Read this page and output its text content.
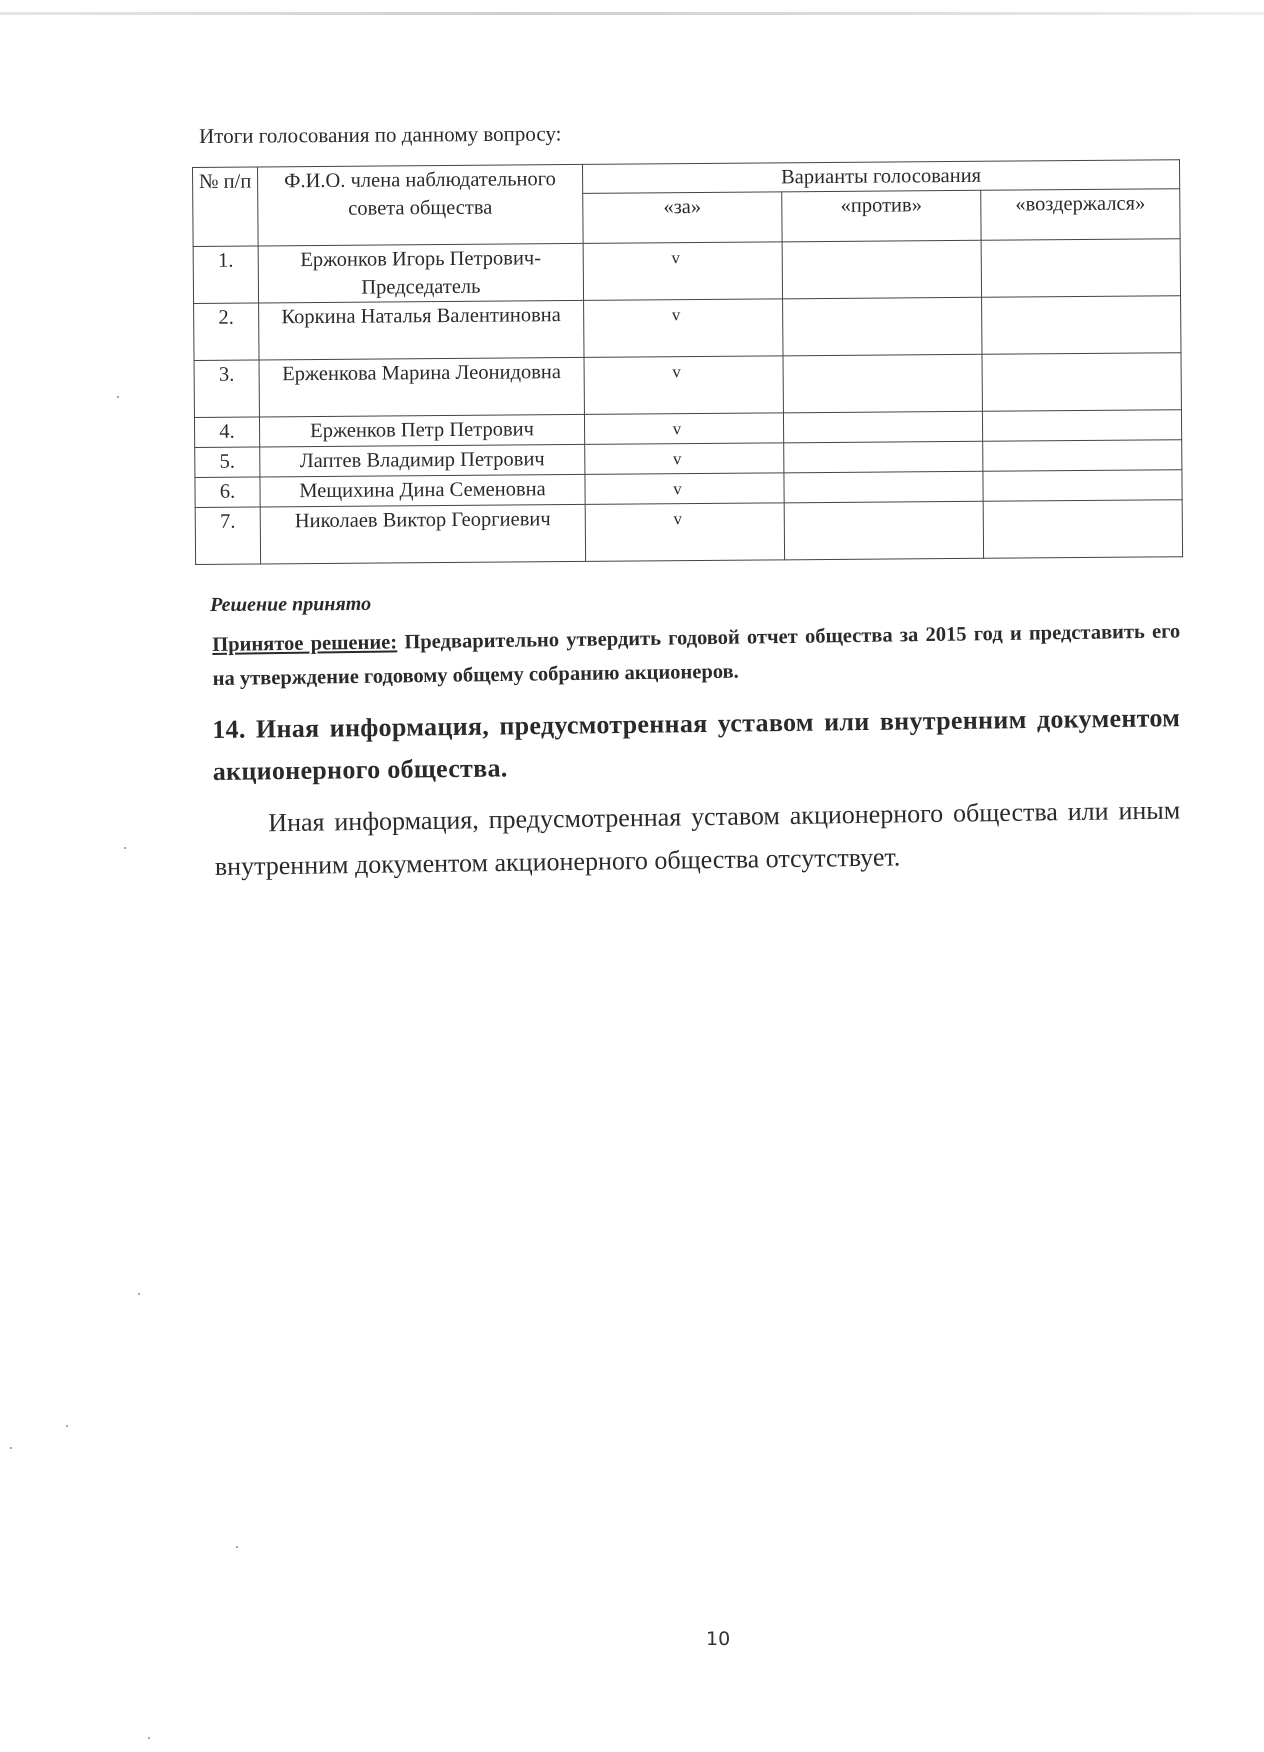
Итоги голосования по данному вопросу:

№ п/п	Ф.И.О. члена наблюдательного совета общества	Варианты голосования		
		«за»	«против»	«воздержался»
1.	Ержонков Игорь Петрович-Председатель	v		
2.	Коркина Наталья Валентиновна	v		
3.	Ерженкова Марина Леонидовна	v		
4.	Ерженков Петр Петрович	v		
5.	Лаптев Владимир Петрович	v		
6.	Мещихина Дина Семеновна	v		
7.	Николаев Виктор Георгиевич	v		

Решение принято

Принятое решение: Предварительно утвердить годовой отчет общества за 2015 год и представить его на утверждение годовому общему собранию акционеров.

14. Иная информация, предусмотренная уставом или внутренним документом акционерного общества.

Иная информация, предусмотренная уставом акционерного общества или иным внутренним документом акционерного общества отсутствует.

10
